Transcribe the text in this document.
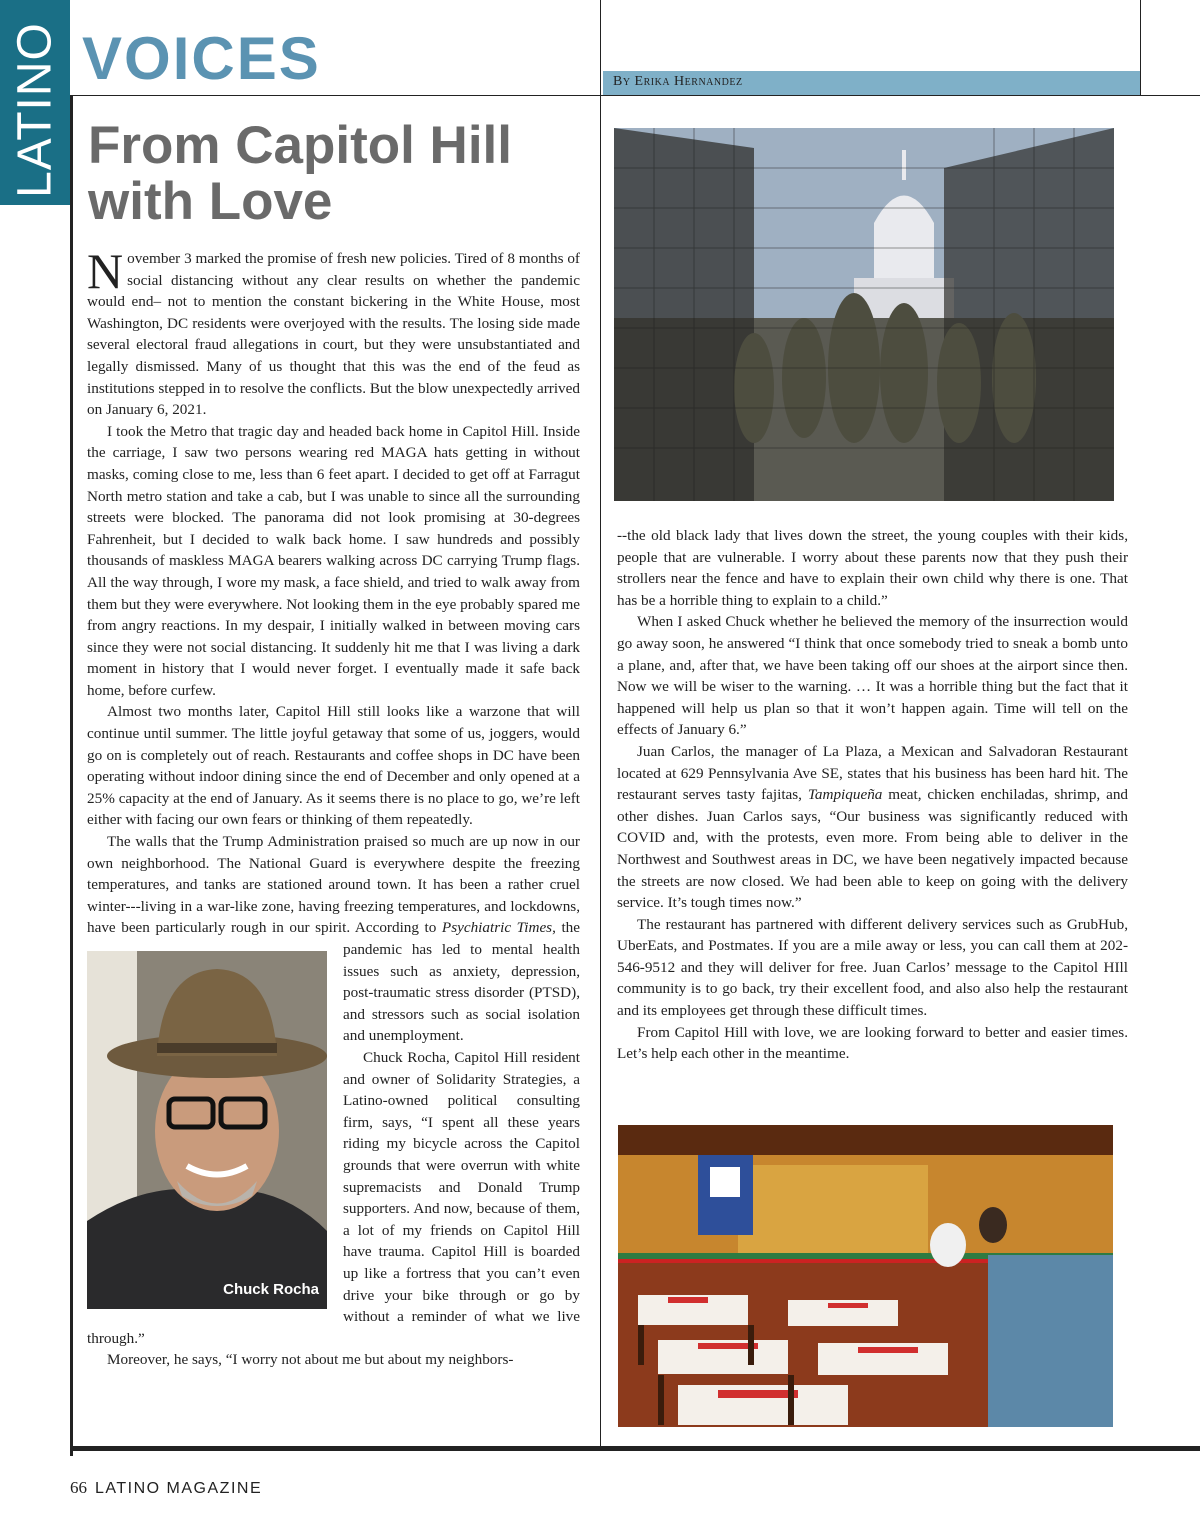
LATINO VOICES	By Erika Hernandez
From Capitol Hill with Love

November 3 marked the promise of fresh new policies. Tired of 8 months of social distancing without any clear results on whether the pandemic would end– not to mention the constant bickering in the White House, most Washington, DC residents were overjoyed with the results. The losing side made several electoral fraud allegations in court, but they were unsubstantiated and legally dismissed. Many of us thought that this was the end of the feud as institutions stepped in to resolve the conflicts. But the blow unexpectedly arrived on January 6, 2021.

I took the Metro that tragic day and headed back home in Capitol Hill. Inside the carriage, I saw two persons wearing red MAGA hats getting in without masks, coming close to me, less than 6 feet apart. I decided to get off at Farragut North metro station and take a cab, but I was unable to since all the surrounding streets were blocked. The panorama did not look promising at 30-degrees Fahrenheit, but I decided to walk back home. I saw hundreds and possibly thousands of maskless MAGA bearers walking across DC carrying Trump flags. All the way through, I wore my mask, a face shield, and tried to walk away from them but they were everywhere. Not looking them in the eye probably spared me from angry reactions. In my despair, I initially walked in between moving cars since they were not social distancing. It suddenly hit me that I was living a dark moment in history that I would never forget. I eventually made it safe back home, before curfew.

Almost two months later, Capitol Hill still looks like a warzone that will continue until summer. The little joyful getaway that some of us, joggers, would go on is completely out of reach. Restaurants and coffee shops in DC have been operating without indoor dining since the end of December and only opened at a 25% capacity at the end of January. As it seems there is no place to go, we’re left either with facing our own fears or thinking of them repeatedly.

The walls that the Trump Administration praised so much are up now in our own neighborhood. The National Guard is everywhere despite the freezing temperatures, and tanks are stationed around town. It has been a rather cruel winter---living in a war-like zone, having freezing temperatures, and lockdowns, have been particularly rough in our spirit. According to
Chuck Rocha
Psychiatric Times, the pandemic has led to mental health issues such as anxiety, depression, post-traumatic stress disorder (PTSD), and stressors such as social isolation and unemployment.

Chuck Rocha, Capitol Hill resident and owner of Solidarity Strategies, a Latino-owned political consulting firm, says, “I spent all these years riding my bicycle across the Capitol grounds that were overrun with white supremacists and Donald Trump supporters. And now, because of them, a lot of my friends on Capitol Hill have trauma. Capitol Hill is boarded up like a fortress that you can’t even drive your bike through or go by without a reminder of what we live through.”

Moreover, he says, “I worry not about me but about my neighbors-

--the old black lady that lives down the street, the young couples with their kids, people that are vulnerable. I worry about these parents now that they push their strollers near the fence and have to explain their own child why there is one. That has be a horrible thing to explain to a child.”

When I asked Chuck whether he believed the memory of the insurrection would go away soon, he answered “I think that once somebody tried to sneak a bomb unto a plane, and, after that, we have been taking off our shoes at the airport since then. Now we will be wiser to the warning. … It was a horrible thing but the fact that it happened will help us plan so that it won’t happen again. Time will tell on the effects of January 6.”

Juan Carlos, the manager of La Plaza, a Mexican and Salvadoran Restaurant located at 629 Pennsylvania Ave SE, states that his business has been hard hit. The restaurant serves tasty fajitas, Tampiqueña meat, chicken enchiladas, shrimp, and other dishes. Juan Carlos says, “Our business was significantly reduced with COVID and, with the protests, even more. From being able to deliver in the Northwest and Southwest areas in DC, we have been negatively impacted because the streets are now closed. We had been able to keep on going with the delivery service. It’s tough times now.”

The restaurant has partnered with different delivery services such as GrubHub, UberEats, and Postmates. If you are a mile away or less, you can call them at 202-546-9512 and they will deliver for free. Juan Carlos’ message to the Capitol HIll community is to go back, try their excellent food, and also also help the restaurant and its employees get through these difficult times.

From Capitol Hill with love, we are looking forward to better and easier times. Let’s help each other in the meantime.

66 LATINO MAGAZINE
